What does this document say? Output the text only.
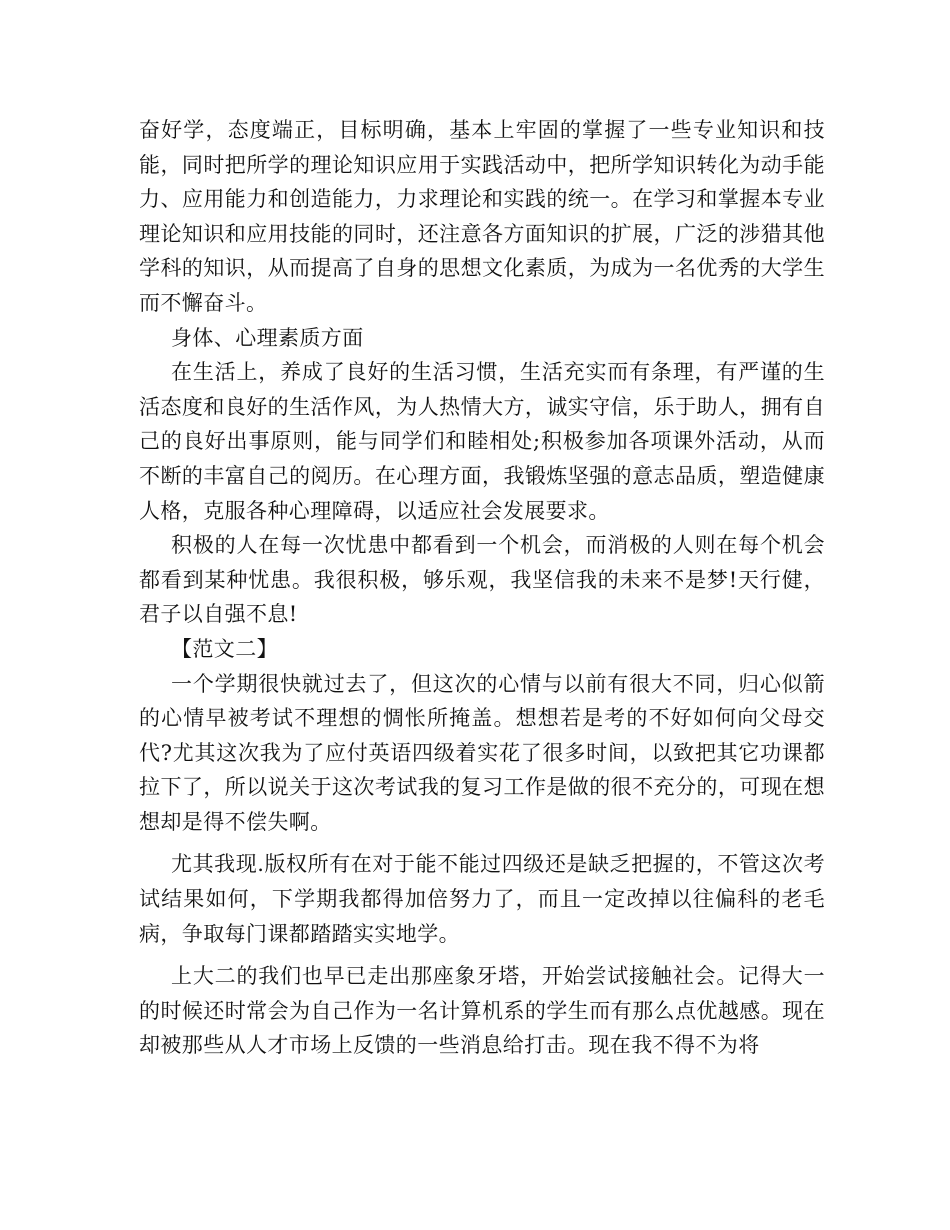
奋好学，态度端正，目标明确，基本上牢固的掌握了一些专业知识和技能，同时把所学的理论知识应用于实践活动中，把所学知识转化为动手能力、应用能力和创造能力，力求理论和实践的统一。在学习和掌握本专业理论知识和应用技能的同时，还注意各方面知识的扩展，广泛的涉猎其他学科的知识，从而提高了自身的思想文化素质，为成为一名优秀的大学生而不懈奋斗。

身体、心理素质方面

在生活上，养成了良好的生活习惯，生活充实而有条理，有严谨的生活态度和良好的生活作风，为人热情大方，诚实守信，乐于助人，拥有自己的良好出事原则，能与同学们和睦相处;积极参加各项课外活动，从而不断的丰富自己的阅历。在心理方面，我锻炼坚强的意志品质，塑造健康人格，克服各种心理障碍，以适应社会发展要求。

积极的人在每一次忧患中都看到一个机会，而消极的人则在每个机会都看到某种忧患。我很积极，够乐观，我坚信我的未来不是梦!天行健，君子以自强不息!

【范文二】

一个学期很快就过去了，但这次的心情与以前有很大不同，归心似箭的心情早被考试不理想的惆怅所掩盖。想想若是考的不好如何向父母交代?尤其这次我为了应付英语四级着实花了很多时间，以致把其它功课都拉下了，所以说关于这次考试我的复习工作是做的很不充分的，可现在想想却是得不偿失啊。

尤其我现.版权所有在对于能不能过四级还是缺乏把握的，不管这次考试结果如何，下学期我都得加倍努力了，而且一定改掉以往偏科的老毛病，争取每门课都踏踏实实地学。

上大二的我们也早已走出那座象牙塔，开始尝试接触社会。记得大一的时候还时常会为自己作为一名计算机系的学生而有那么点优越感。现在却被那些从人才市场上反馈的一些消息给打击。现在我不得不为将
